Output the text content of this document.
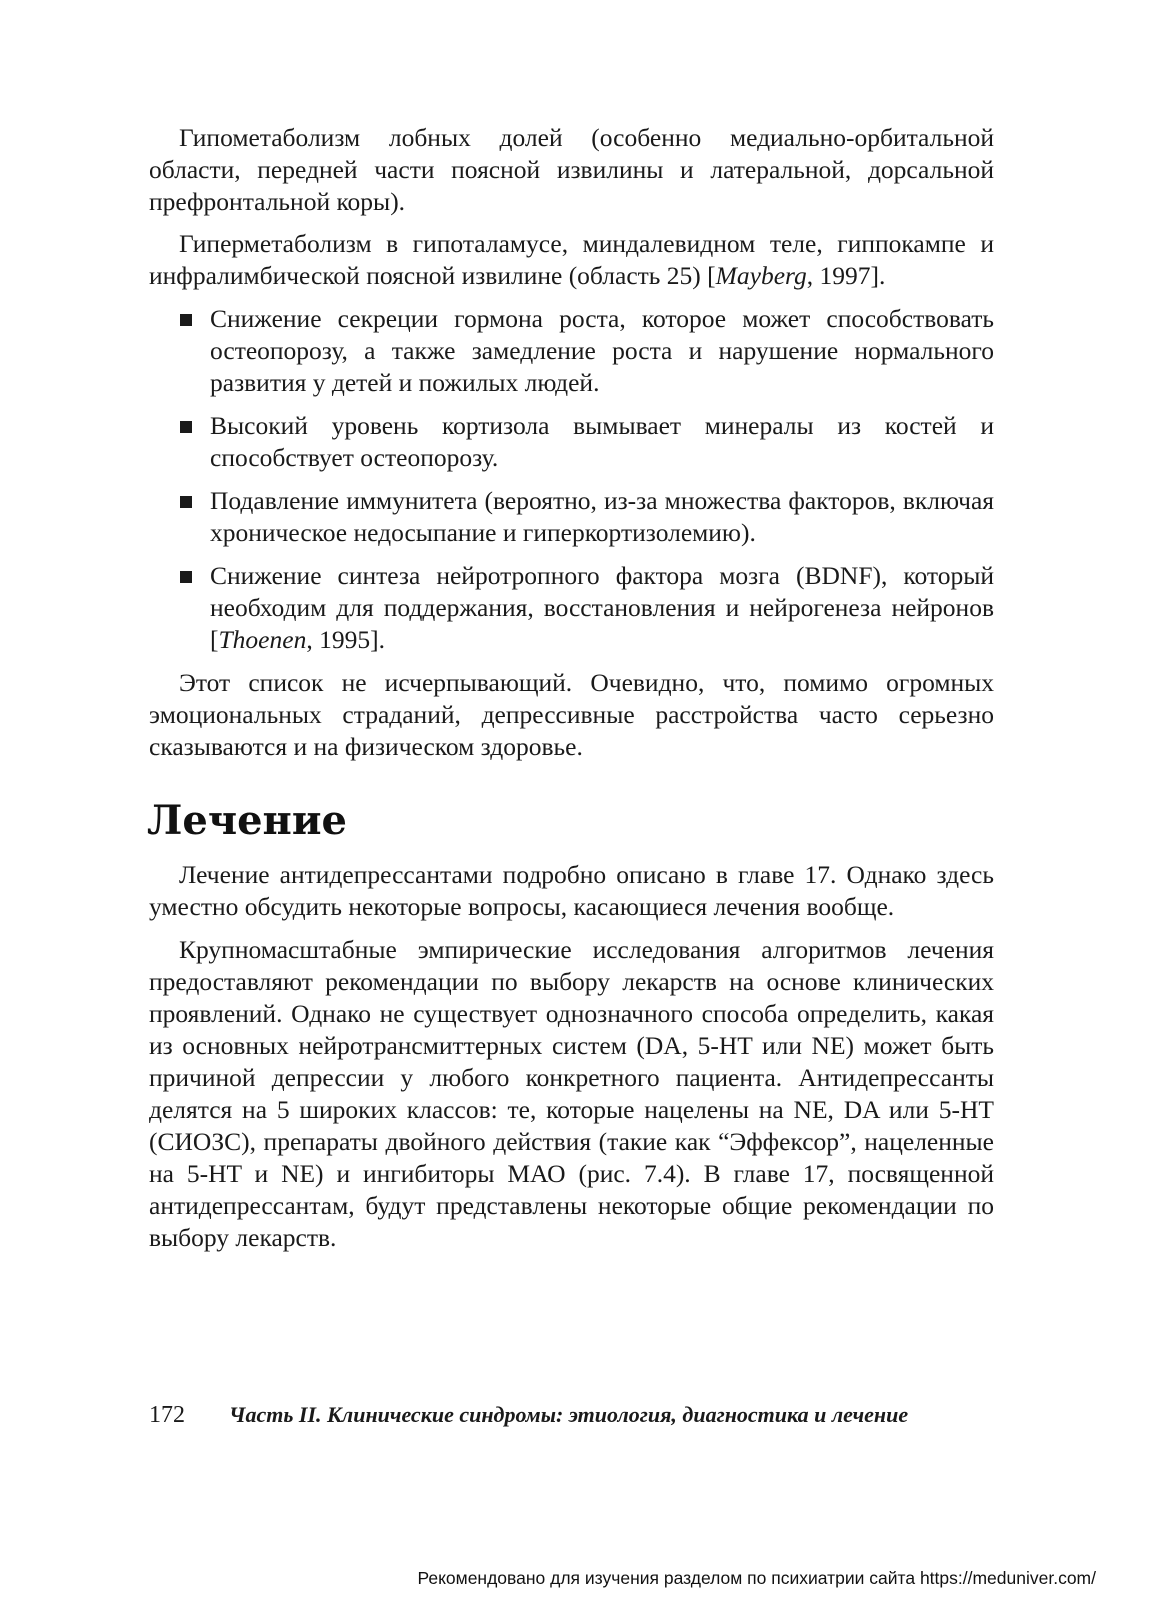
Гипометаболизм лобных долей (особенно медиально-орбитальной области, передней части поясной извилины и латеральной, дорсальной префронтальной коры).

Гиперметаболизм в гипоталамусе, миндалевидном теле, гиппокампе и инфралимбической поясной извилине (область 25) [Mayberg, 1997].

Снижение секреции гормона роста, которое может способствовать остеопорозу, а также замедление роста и нарушение нормального развития у детей и пожилых людей.
Высокий уровень кортизола вымывает минералы из костей и способствует остеопорозу.
Подавление иммунитета (вероятно, из-за множества факторов, включая хроническое недосыпание и гиперкортизолемию).
Снижение синтеза нейротропного фактора мозга (BDNF), который необходим для поддержания, восстановления и нейрогенеза нейронов [Thoenen, 1995].

Этот список не исчерпывающий. Очевидно, что, помимо огромных эмоциональных страданий, депрессивные расстройства часто серьезно сказываются и на физическом здоровье.

Лечение

Лечение антидепрессантами подробно описано в главе 17. Однако здесь уместно обсудить некоторые вопросы, касающиеся лечения вообще.

Крупномасштабные эмпирические исследования алгоритмов лечения предоставляют рекомендации по выбору лекарств на основе клинических проявлений. Однако не существует однозначного способа определить, какая из основных нейротрансмиттерных систем (DA, 5-HT или NE) может быть причиной депрессии у любого конкретного пациента. Антидепрессанты делятся на 5 широких классов: те, которые нацелены на NE, DA или 5-HT (СИОЗС), препараты двойного действия (такие как “Эффексор”, нацеленные на 5-HT и NE) и ингибиторы МАО (рис. 7.4). В главе 17, посвященной антидепрессантам, будут представлены некоторые общие рекомендации по выбору лекарств.

172 Часть II. Клинические синдромы: этиология, диагностика и лечение
Рекомендовано для изучения разделом по психиатрии сайта https://meduniver.com/
